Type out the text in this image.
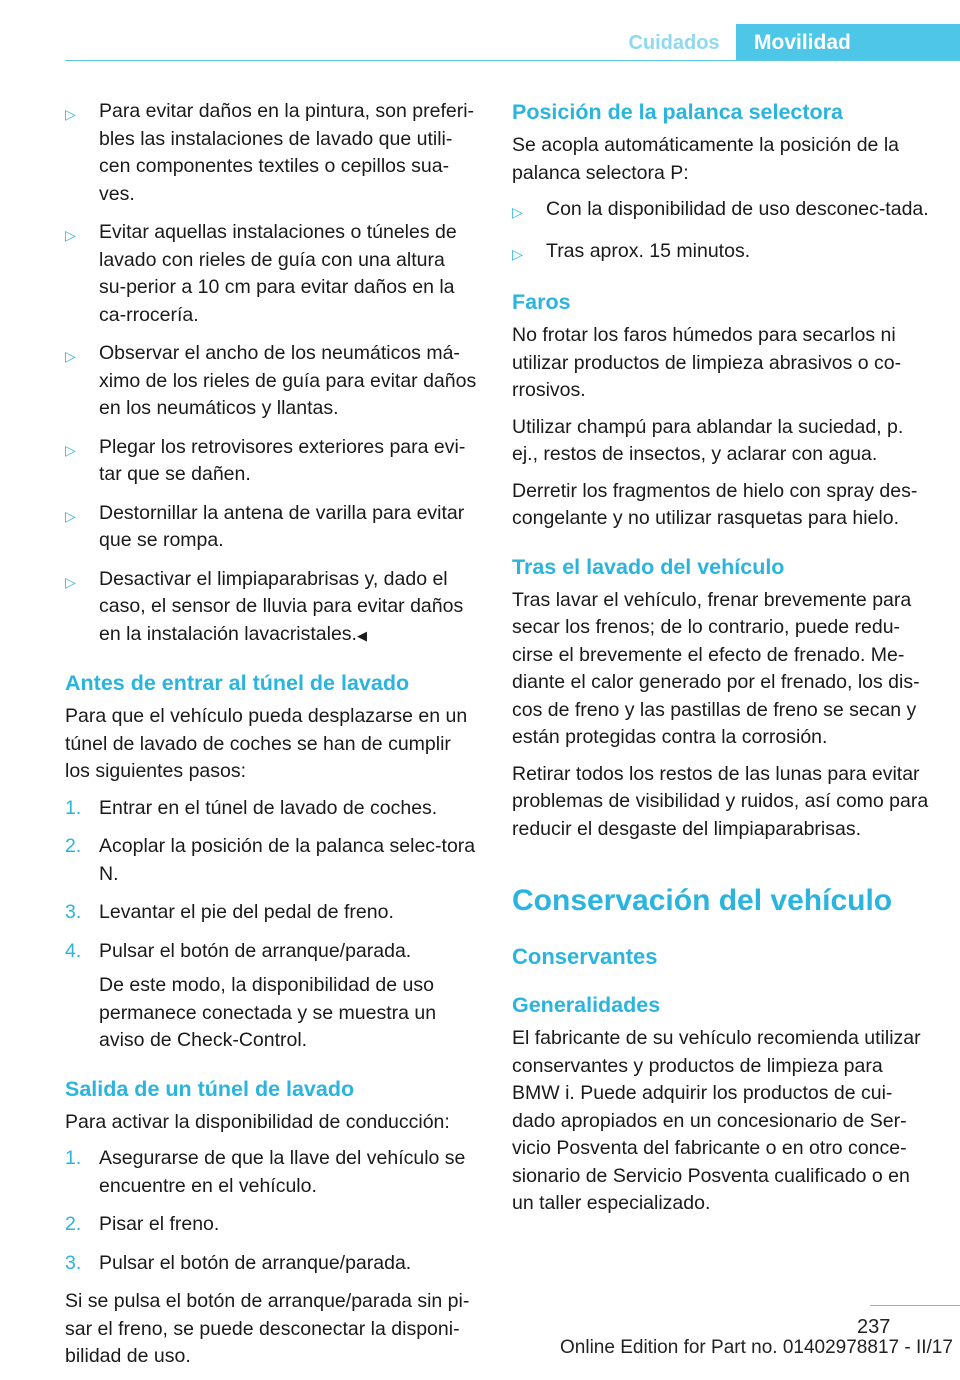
Cuidados	Movilidad
▷	Para evitar daños en la pintura, son preferi-bles las instalaciones de lavado que utili-cen componentes textiles o cepillos sua-ves.
▷	Evitar aquellas instalaciones o túneles de lavado con rieles de guía con una altura su-perior a 10 cm para evitar daños en la ca-rrocería.
▷	Observar el ancho de los neumáticos má-ximo de los rieles de guía para evitar daños en los neumáticos y llantas.
▷	Plegar los retrovisores exteriores para evi-tar que se dañen.
▷	Destornillar la antena de varilla para evitar que se rompa.
▷	Desactivar el limpiaparabrisas y, dado el caso, el sensor de lluvia para evitar daños en la instalación lavacristales.◀
Antes de entrar al túnel de lavado
Para que el vehículo pueda desplazarse en un túnel de lavado de coches se han de cumplir los siguientes pasos:
1. Entrar en el túnel de lavado de coches.
2. Acoplar la posición de la palanca selec-tora N.
3. Levantar el pie del pedal de freno.
4. Pulsar el botón de arranque/parada.
De este modo, la disponibilidad de uso permanece conectada y se muestra un aviso de Check-Control.
Salida de un túnel de lavado
Para activar la disponibilidad de conducción:
1. Asegurarse de que la llave del vehículo se encuentre en el vehículo.
2. Pisar el freno.
3. Pulsar el botón de arranque/parada.
Si se pulsa el botón de arranque/parada sin pi-sar el freno, se puede desconectar la disponi-bilidad de uso.
Posición de la palanca selectora
Se acopla automáticamente la posición de la palanca selectora P:
▷	Con la disponibilidad de uso desconec-tada.
▷	Tras aprox. 15 minutos.
Faros
No frotar los faros húmedos para secarlos ni utilizar productos de limpieza abrasivos o co-rrosivos.
Utilizar champú para ablandar la suciedad, p. ej., restos de insectos, y aclarar con agua.
Derretir los fragmentos de hielo con spray des-congelante y no utilizar rasquetas para hielo.
Tras el lavado del vehículo
Tras lavar el vehículo, frenar brevemente para secar los frenos; de lo contrario, puede redu-cirse el brevemente el efecto de frenado. Me-diante el calor generado por el frenado, los dis-cos de freno y las pastillas de freno se secan y están protegidas contra la corrosión.
Retirar todos los restos de las lunas para evitar problemas de visibilidad y ruidos, así como para reducir el desgaste del limpiaparabrisas.
Conservación del vehículo
Conservantes
Generalidades
El fabricante de su vehículo recomienda utilizar conservantes y productos de limpieza para BMW i. Puede adquirir los productos de cui-dado apropiados en un concesionario de Ser-vicio Posventa del fabricante o en otro conce-sionario de Servicio Posventa cualificado o en un taller especializado.
237
Online Edition for Part no. 01402978817 - II/17
